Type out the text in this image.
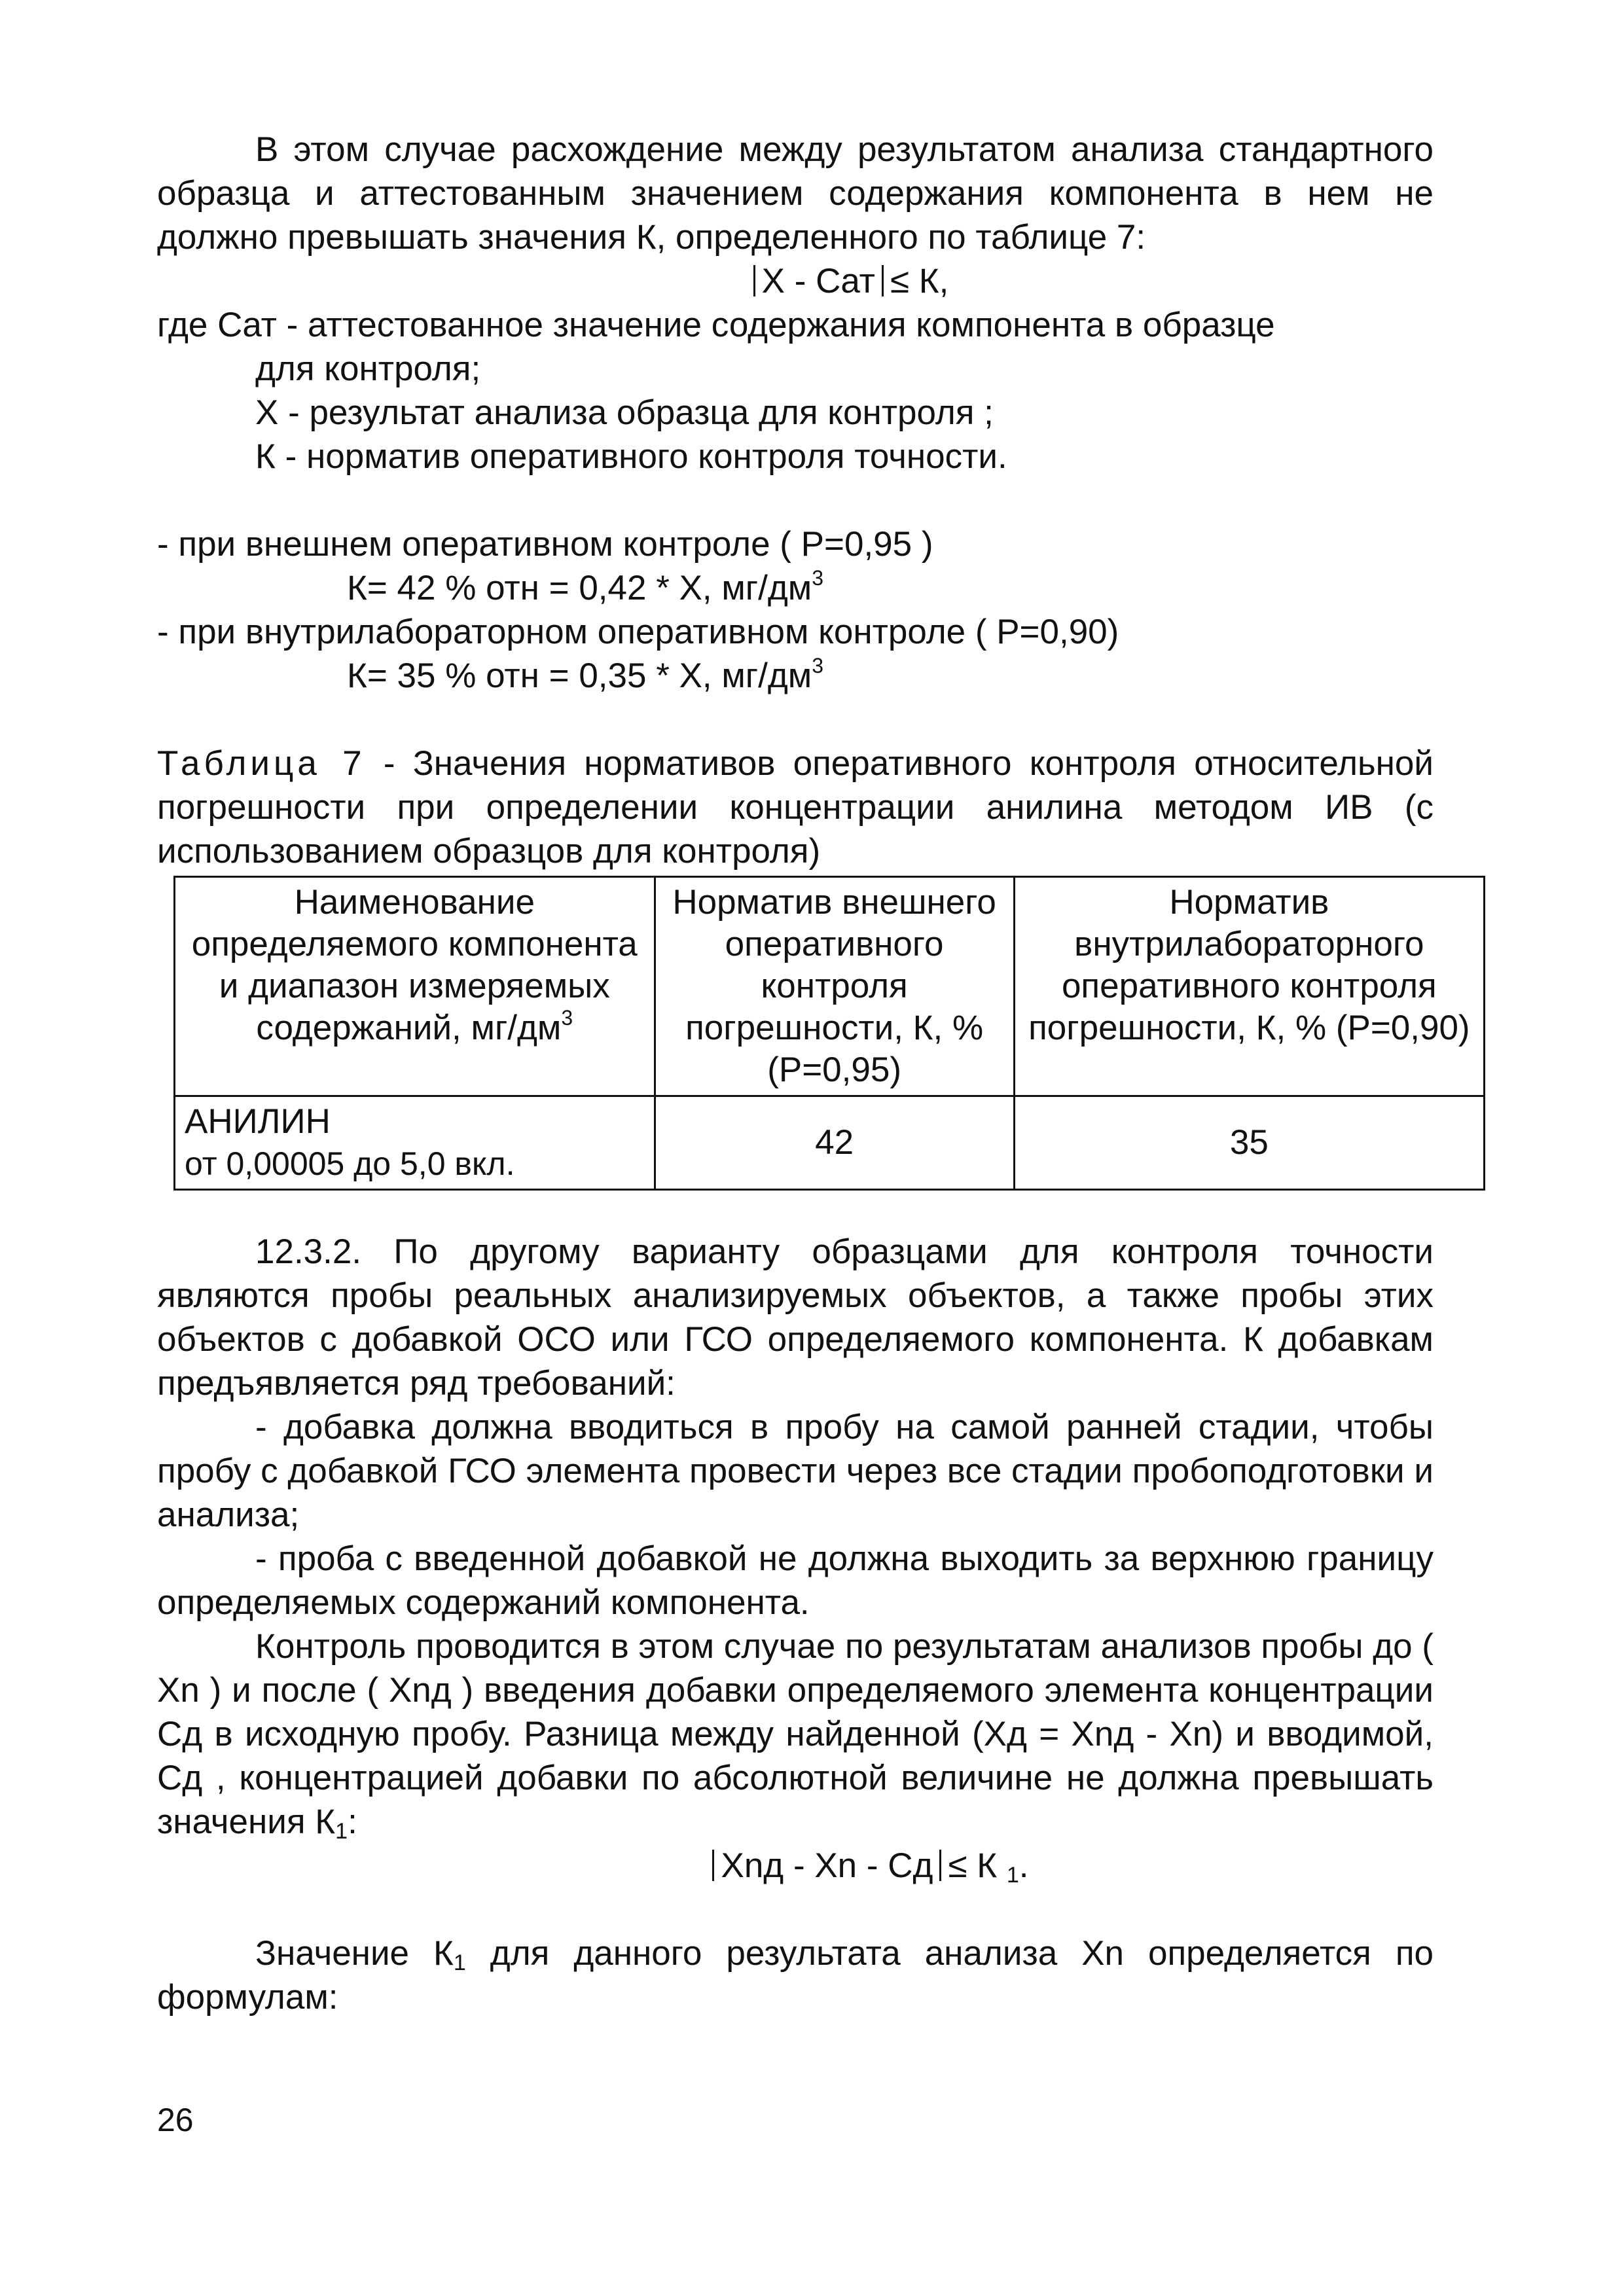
В этом случае расхождение между результатом анализа стандартного образца и аттестованным значением содержания компонента в нем не должно превышать значения К, определенного по таблице 7:

X - Cат ≤ К,

где Cат - аттестованное значение содержания компонента в образце

для контроля;

X - результат анализа образца для контроля ;

К - норматив оперативного контроля точности.

- при внешнем оперативном контроле ( P=0,95 )

К= 42 % отн = 0,42 * X, $мг/дм^3$

- при внутрилабораторном оперативном контроле ( P=0,90)

К= 35 % отн = 0,35 * X, $мг/дм^3$

Таблица 7 - Значения нормативов оперативного контроля относительной погрешности при определении концентрации анилина методом ИВ (с использованием образцов для контроля)

Наименование определяемого компонента и диапазон измеряемых содержаний, $мг/дм^3$	Норматив внешнего оперативного контроля погрешности, К, % (P=0,95)	Норматив внутрилабораторного оперативного контроля погрешности, К, % (P=0,90)

АНИЛИН
от 0,00005 до 5,0 вкл.	42	35

12.3.2. По другому варианту образцами для контроля точности являются пробы реальных анализируемых объектов, а также пробы этих объектов с добавкой ОСО или ГСО определяемого компонента. К добавкам предъявляется ряд требований:

- добавка должна вводиться в пробу на самой ранней стадии, чтобы пробу с добавкой ГСО элемента провести через все стадии пробоподготовки и анализа;

- проба с введенной добавкой не должна выходить за верхнюю границу определяемых содержаний компонента.

Контроль проводится в этом случае по результатам анализов пробы до ( Xn ) и после ( Xnд ) введения добавки определяемого элемента концентрации Cд в исходную пробу. Разница между найденной (Xд = Xnд - Xn) и вводимой, Cд , концентрацией добавки по абсолютной величине не должна превышать значения $К_1$:

Xnд - Xn - Cд ≤ К $_1$.

Значение $К_1$ для данного результата анализа Xn определяется по формулам:

26
